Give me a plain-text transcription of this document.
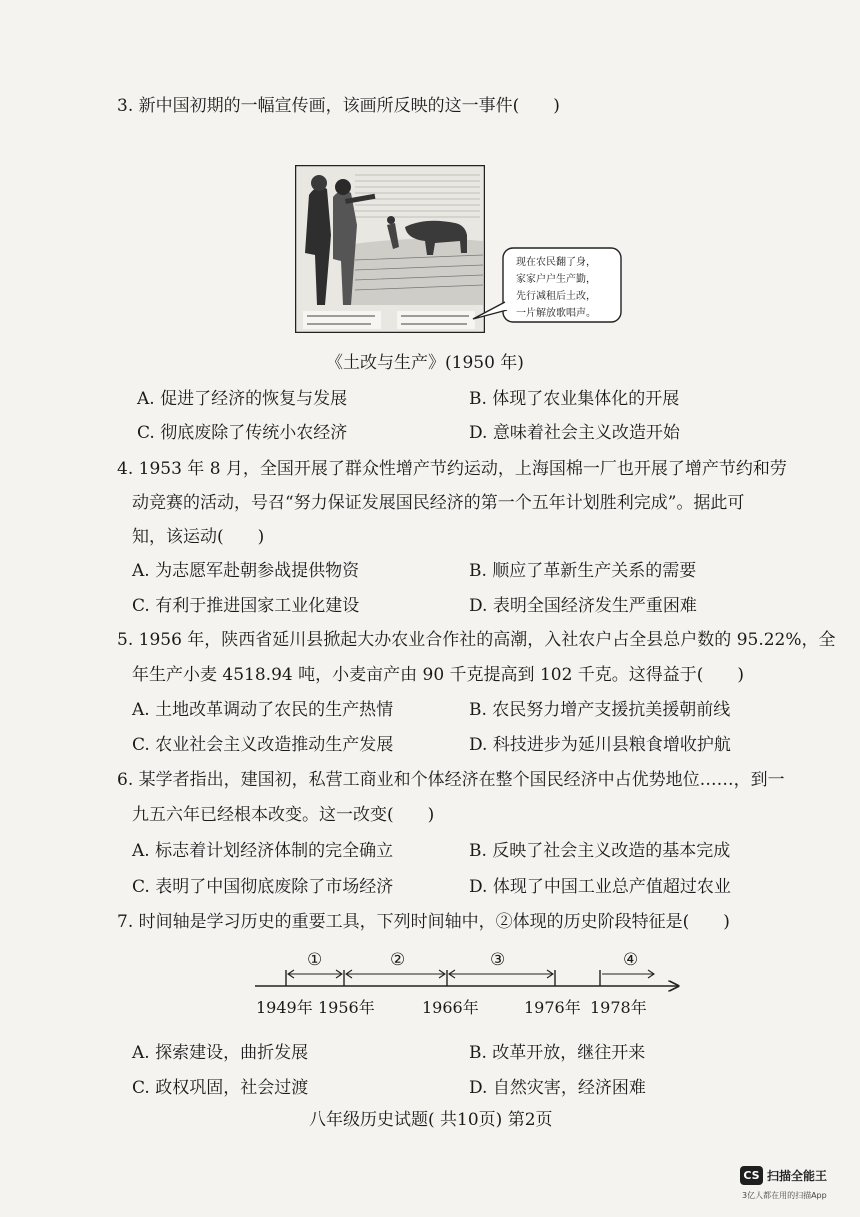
3. 新中国初期的一幅宣传画，该画所反映的这一事件(　　)
现在农民翻了身，
家家户户生产勤，
先行减租后土改，
一片解放歌唱声。
《土改与生产》(1950 年)
A. 促进了经济的恢复与发展	B. 体现了农业集体化的开展
C. 彻底废除了传统小农经济	D. 意味着社会主义改造开始
4. 1953 年 8 月，全国开展了群众性增产节约运动，上海国棉一厂也开展了增产节约和劳
动竞赛的活动，号召“努力保证发展国民经济的第一个五年计划胜利完成”。据此可
知，该运动(　　)
A. 为志愿军赴朝参战提供物资	B. 顺应了革新生产关系的需要
C. 有利于推进国家工业化建设	D. 表明全国经济发生严重困难
5. 1956 年，陕西省延川县掀起大办农业合作社的高潮，入社农户占全县总户数的 95.22%，全
年生产小麦 4518.94 吨，小麦亩产由 90 千克提高到 102 千克。这得益于(　　)
A. 土地改革调动了农民的生产热情	B. 农民努力增产支援抗美援朝前线
C. 农业社会主义改造推动生产发展	D. 科技进步为延川县粮食增收护航
6. 某学者指出，建国初，私营工商业和个体经济在整个国民经济中占优势地位……，到一
九五六年已经根本改变。这一改变(　　)
A. 标志着计划经济体制的完全确立	B. 反映了社会主义改造的基本完成
C. 表明了中国彻底废除了市场经济	D. 体现了中国工业总产值超过农业
7. 时间轴是学习历史的重要工具，下列时间轴中，②体现的历史阶段特征是(　　)
①	②	③	④
1949年 1956年	1966年	1976年 1978年
A. 探索建设，曲折发展	B. 改革开放，继往开来
C. 政权巩固，社会过渡	D. 自然灾害，经济困难
八年级历史试题( 共10页) 第2页
CS 扫描全能王
3亿人都在用的扫描App
